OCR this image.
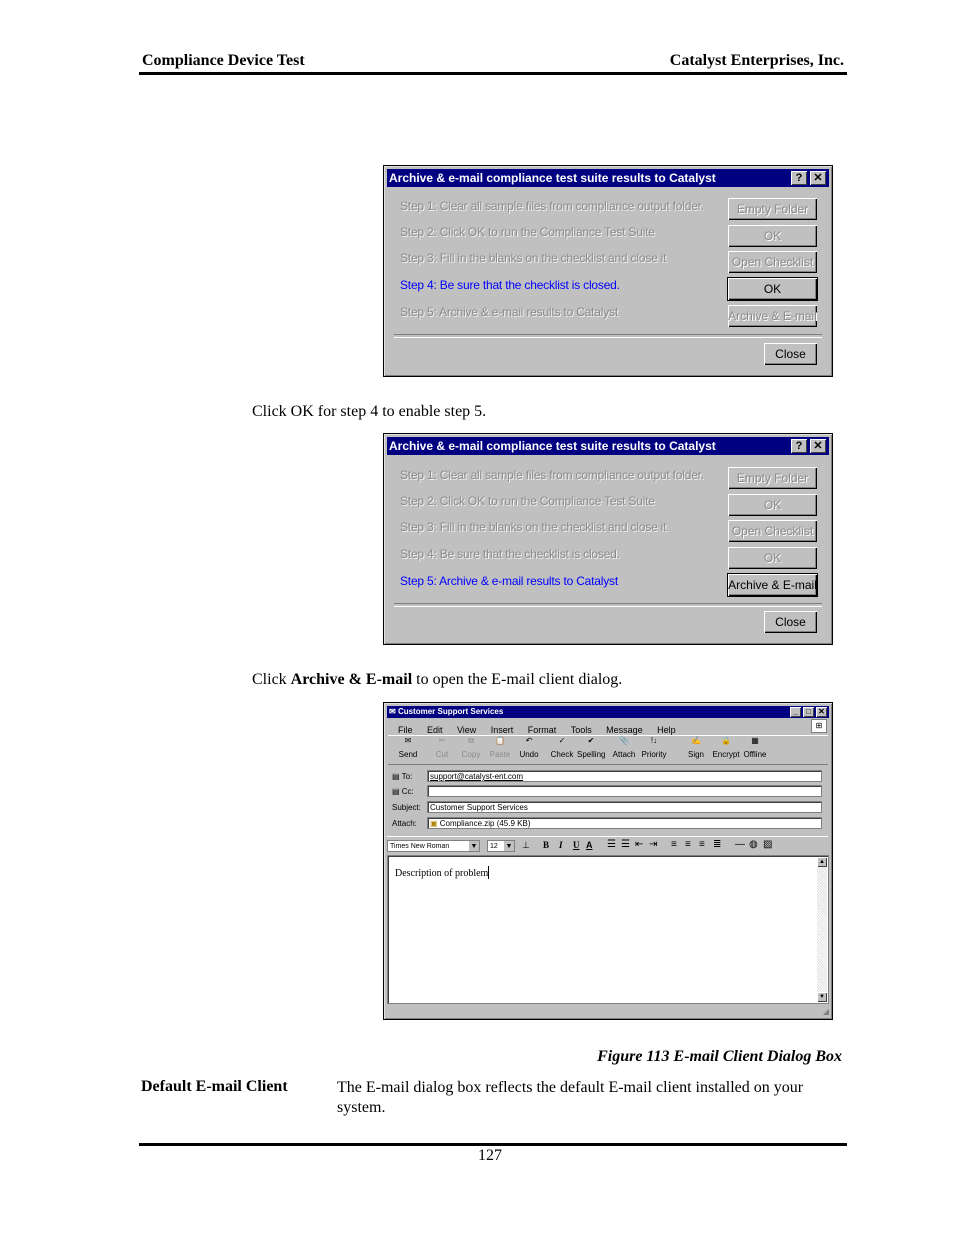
Compliance Device Test	Catalyst Enterprises, Inc.
Archive & e-mail compliance test suite results to Catalyst	?	✕
Step 1: Clear all sample files from compliance output folder.
Step 2: Click OK to run the Compliance Test Suite
Step 3: Fill in the blanks on the checklist and close it
Step 4: Be sure that the checklist is closed.
Step 5: Archive & e-mail results to Catalyst
Empty Folder
OK
Open Checklist
OK
Archive & E-mail
Close
Click OK for step 4 to enable step 5.
Archive & e-mail compliance test suite results to Catalyst	?	✕
Step 1: Clear all sample files from compliance output folder.
Step 2: Click OK to run the Compliance Test Suite
Step 3: Fill in the blanks on the checklist and close it
Step 4: Be sure that the checklist is closed.
Step 5: Archive & e-mail results to Catalyst
Empty Folder
OK
Open Checklist
OK
Archive & E-mail
Close
Click Archive & E-mail to open the E-mail client dialog.
✉ Customer Support Services	_	□ ✕
File Edit View Insert Format Tools Message Help	⊞
✉
Send
✂
Cut
⧉
Copy
📋
Paste
↶
Undo
✓
Check
✔
Spelling
📎
Attach
!↓
Priority
✍
Sign
🔒
Encrypt
▦
Offline
▤ To:	support@catalyst-ent.com
▤ Cc:
Subject:	Customer Support Services
Attach:	▣ Compliance.zip (45.9 KB)
Times New Roman	▼	12 ▼ ⊥ B I U A ☰ ☰ ⇤ ⇥ ≡ ≡ ≡ ≣ — ◍ ▨
Description of problem
▲
▼
◢
Figure 113 E-mail Client Dialog Box
Default E-mail Client	The E-mail dialog box reflects the default E-mail client installed on your system.
127
